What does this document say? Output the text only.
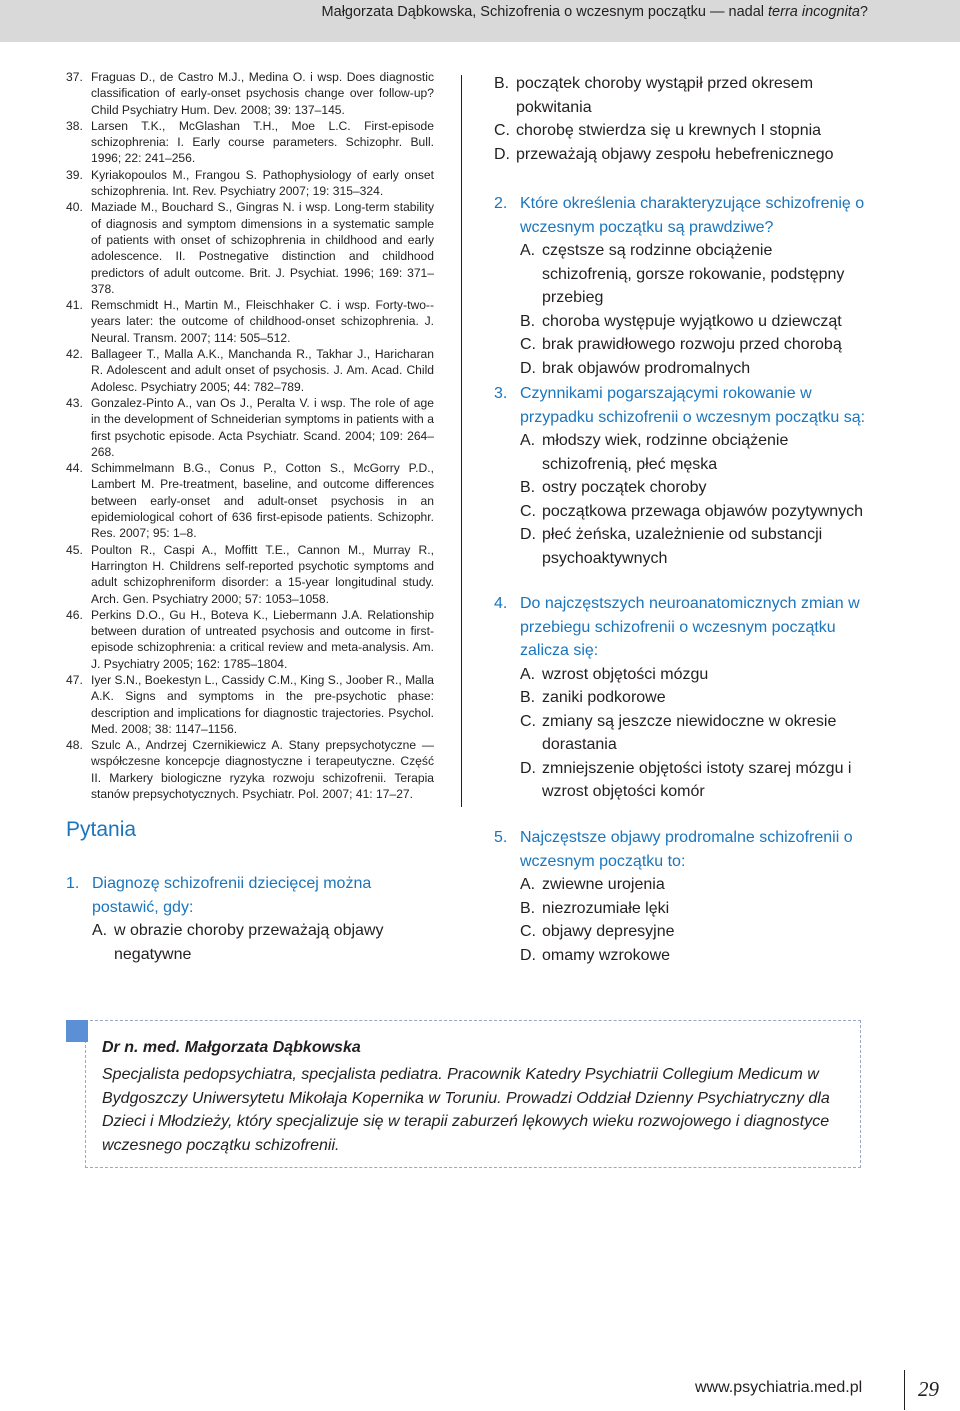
Małgorzata Dąbkowska, Schizofrenia o wczesnym początku — nadal terra incognita?
37. Fraguas D., de Castro M.J., Medina O. i wsp. Does diagnostic classification of early-onset psychosis change over follow-up? Child Psychiatry Hum. Dev. 2008; 39: 137–145.
38. Larsen T.K., McGlashan T.H., Moe L.C. First-episode schizophrenia: I. Early course parameters. Schizophr. Bull. 1996; 22: 241–256.
39. Kyriakopoulos M., Frangou S. Pathophysiology of early onset schizophrenia. Int. Rev. Psychiatry 2007; 19: 315–324.
40. Maziade M., Bouchard S., Gingras N. i wsp. Long-term stability of diagnosis and symptom dimensions in a systematic sample of patients with onset of schizophrenia in childhood and early adolescence. II. Postnegative distinction and childhood predictors of adult outcome. Brit. J. Psychiat. 1996; 169: 371–378.
41. Remschmidt H., Martin M., Fleischhaker C. i wsp. Forty-two--years later: the outcome of childhood-onset schizophrenia. J. Neural. Transm. 2007; 114: 505–512.
42. Ballageer T., Malla A.K., Manchanda R., Takhar J., Haricharan R. Adolescent and adult onset of psychosis. J. Am. Acad. Child Adolesc. Psychiatry 2005; 44: 782–789.
43. Gonzalez-Pinto A., van Os J., Peralta V. i wsp. The role of age in the development of Schneiderian symptoms in patients with a first psychotic episode. Acta Psychiatr. Scand. 2004; 109: 264–268.
44. Schimmelmann B.G., Conus P., Cotton S., McGorry P.D., Lambert M. Pre-treatment, baseline, and outcome differences between early-onset and adult-onset psychosis in an epidemiological cohort of 636 first-episode patients. Schizophr. Res. 2007; 95: 1–8.
45. Poulton R., Caspi A., Moffitt T.E., Cannon M., Murray R., Harrington H. Childrens self-reported psychotic symptoms and adult schizophreniform disorder: a 15-year longitudinal study. Arch. Gen. Psychiatry 2000; 57: 1053–1058.
46. Perkins D.O., Gu H., Boteva K., Liebermann J.A. Relationship between duration of untreated psychosis and outcome in first-episode schizophrenia: a critical review and meta-analysis. Am. J. Psychiatry 2005; 162: 1785–1804.
47. Iyer S.N., Boekestyn L., Cassidy C.M., King S., Joober R., Malla A.K. Signs and symptoms in the pre-psychotic phase: description and implications for diagnostic trajectories. Psychol. Med. 2008; 38: 1147–1156.
48. Szulc A., Andrzej Czernikiewicz A. Stany prepsychotyczne — współczesne koncepcje diagnostyczne i terapeutyczne. Część II. Markery biologiczne ryzyka rozwoju schizofrenii. Terapia stanów prepsychotycznych. Psychiatr. Pol. 2007; 41: 17–27.
Pytania
1. Diagnozę schizofrenii dziecięcej można postawić, gdy:
A. w obrazie choroby przeważają objawy negatywne
B. początek choroby wystąpił przed okresem pokwitania
C. chorobę stwierdza się u krewnych I stopnia
D. przeważają objawy zespołu hebefrenicznego
2. Które określenia charakteryzujące schizofrenię o wczesnym początku są prawdziwe?
A. częstsze są rodzinne obciążenie schizofrenią, gorsze rokowanie, podstępny przebieg
B. choroba występuje wyjątkowo u dziewcząt
C. brak prawidłowego rozwoju przed chorobą
D. brak objawów prodromalnych
3. Czynnikami pogarszającymi rokowanie w przypadku schizofrenii o wczesnym początku są:
A. młodszy wiek, rodzinne obciążenie schizofrenią, płeć męska
B. ostry początek choroby
C. początkowa przewaga objawów pozytywnych
D. płeć żeńska, uzależnienie od substancji psychoaktywnych
4. Do najczęstszych neuroanatomicznych zmian w przebiegu schizofrenii o wczesnym początku zalicza się:
A. wzrost objętości mózgu
B. zaniki podkorowe
C. zmiany są jeszcze niewidoczne w okresie dorastania
D. zmniejszenie objętości istoty szarej mózgu i wzrost objętości komór
5. Najczęstsze objawy prodromalne schizofrenii o wczesnym początku to:
A. zwiewne urojenia
B. niezrozumiałe lęki
C. objawy depresyjne
D. omamy wzrokowe
Dr n. med. Małgorzata Dąbkowska
Specjalista pedopsychiatra, specjalista pediatra. Pracownik Katedry Psychiatrii Collegium Medicum w Bydgoszczy Uniwersytetu Mikołaja Kopernika w Toruniu. Prowadzi Oddział Dzienny Psychiatryczny dla Dzieci i Młodzieży, który specjalizuje się w terapii zaburzeń lękowych wieku rozwojowego i diagnostyce wczesnego początku schizofrenii.
www.psychiatria.med.pl	29
